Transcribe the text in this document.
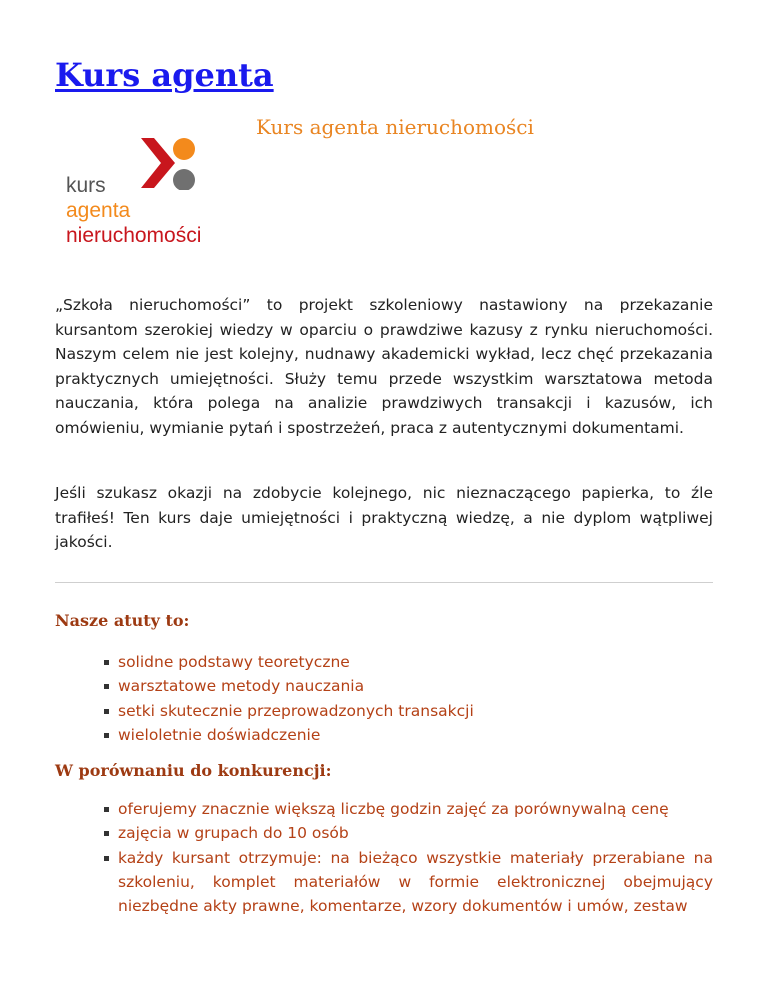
Kurs agenta
Kurs agenta nieruchomości
kurs
agenta
nieruchomości

„Szkoła nieruchomości” to projekt szkoleniowy nastawiony na przekazanie kursantom szerokiej wiedzy w oparciu o prawdziwe kazusy z rynku nieruchomości. Naszym celem nie jest kolejny, nudnawy akademicki wykład, lecz chęć przekazania praktycznych umiejętności. Służy temu przede wszystkim warsztatowa metoda nauczania, która polega na analizie prawdziwych transakcji i kazusów, ich omówieniu, wymianie pytań i spostrzeżeń, praca z autentycznymi dokumentami.

Jeśli szukasz okazji na zdobycie kolejnego, nic nieznaczącego papierka, to źle trafiłeś! Ten kurs daje umiejętności i praktyczną wiedzę, a nie dyplom wątpliwej jakości.

Nasze atuty to:
solidne podstawy teoretyczne
warsztatowe metody nauczania
setki skutecznie przeprowadzonych transakcji
wieloletnie doświadczenie
W porównaniu do konkurencji:
oferujemy znacznie większą liczbę godzin zajęć za porównywalną cenę
zajęcia w grupach do 10 osób
każdy kursant otrzymuje: na bieżąco wszystkie materiały przerabiane na szkoleniu, komplet materiałów w formie elektronicznej obejmujący niezbędne akty prawne, komentarze, wzory dokumentów i umów, zestaw
